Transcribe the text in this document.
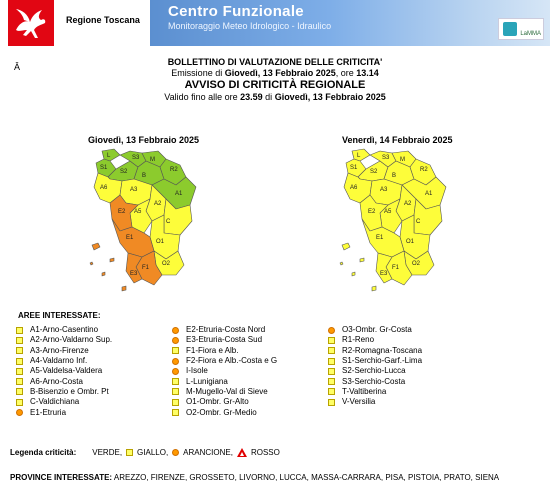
Regione Toscana Centro Funzionale
Monitoraggio Meteo Idrologico - Idraulico
LaMMA
Â	BOLLETTINO DI VALUTAZIONE DELLE CRITICITA'
Emissione di Giovedì, 13 Febbraio 2025, ore 13.14
AVVISO DI CRITICITÀ REGIONALE
Valido fino alle ore 23.59 di Giovedì, 13 Febbraio 2025
Giovedì, 13 Febbraio 2025
L
S1
S2
S3 M
R2
B
A6	A3
A1
A2
A5
E2
E1
C
O1
O2
F1
E3
Venerdì, 14 Febbraio 2025
L
S1
S2
S3 M
R2
B
A6	A3
A1
A2
A5
E2
E1
C
O1
O2
F1
E3
AREE INTERESSATE:
A1-Arno-Casentino
A2-Arno-Valdarno Sup.
A3-Arno-Firenze
A4-Valdarno Inf.
A5-Valdelsa-Valdera
A6-Arno-Costa
B-Bisenzio e Ombr. Pt
C-Valdichiana
E1-Etruria
E2-Etruria-Costa Nord
E3-Etruria-Costa Sud
F1-Fiora e Alb.
F2-Fiora e Alb.-Costa e G
I-Isole
L-Lunigiana
M-Mugello-Val di Sieve
O1-Ombr. Gr-Alto
O2-Ombr. Gr-Medio
O3-Ombr. Gr-Costa
R1-Reno
R2-Romagna-Toscana
S1-Serchio-Garf.-Lima
S2-Serchio-Lucca
S3-Serchio-Costa
T-Valtiberina
V-Versilia
Legenda criticità: VERDE, GIALLO, ARANCIONE, ROSSO
PROVINCE INTERESSATE: AREZZO, FIRENZE, GROSSETO, LIVORNO, LUCCA, MASSA-CARRARA, PISA, PISTOIA, PRATO, SIENA
